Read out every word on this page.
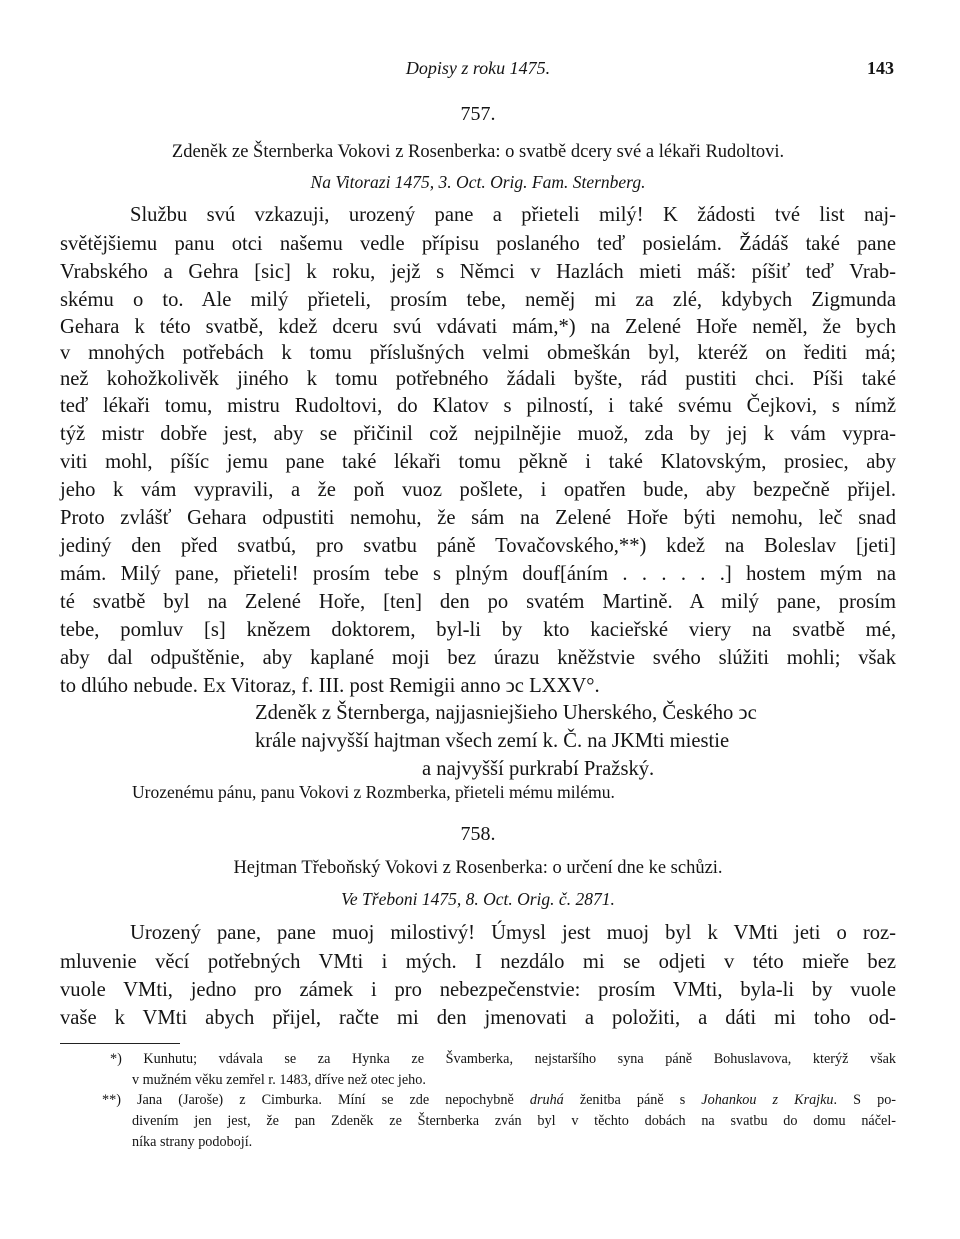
Dopisy z roku 1475.	143
757.
Zdeněk ze Šternberka Vokovi z Rosenberka: o svatbě dcery své a lékaři Rudoltovi.
Na Vitorazi 1475, 3. Oct. Orig. Fam. Sternberg.
Službu svú vzkazuji, urozený pane a přieteli milý! K žádosti tvé list naj-
světějšiemu panu otci našemu vedle přípisu poslaného teď posielám. Žádáš také pane
Vrabského a Gehra [sic] k roku, jejž s Němci v Hazlách mieti máš: píšiť teď Vrab-
skému o to. Ale milý přieteli, prosím tebe, neměj mi za zlé, kdybych Zigmunda
Gehara k této svatbě, kdež dceru svú vdávati mám,*) na Zelené Hoře neměl, že bych
v mnohých potřebách k tomu příslušných velmi obmeškán byl, kteréž on řediti má;
než kohožkolivěk jiného k tomu potřebného žádali byšte, rád pustiti chci. Píši také
teď lékaři tomu, mistru Rudoltovi, do Klatov s pilností, i také svému Čejkovi, s nímž
týž mistr dobře jest, aby se přičinil což nejpilnějie muož, zda by jej k vám vypra-
viti mohl, píšíc jemu pane také lékaři tomu pěkně i také Klatovským, prosiec, aby
jeho k vám vypravili, a že poň vuoz pošlete, i opatřen bude, aby bezpečně přijel.
Proto zvlášť Gehara odpustiti nemohu, že sám na Zelené Hoře býti nemohu, leč snad
jediný den před svatbú, pro svatbu páně Tovačovského,**) kdež na Boleslav [jeti]
mám. Milý pane, přieteli! prosím tebe s plným douf[áním . . . . . .] hostem mým na
té svatbě byl na Zelené Hoře, [ten] den po svatém Martině. A milý pane, prosím
tebe, pomluv [s] knězem doktorem, byl-li by kto kacieřské viery na svatbě mé,
aby dal odpuštěnie, aby kaplané moji bez úrazu kněžstvie svého slúžiti mohli; však
to dlúho nebude. Ex Vitoraz, f. III. post Remigii anno ↄc LXXV°.
Zdeněk z Šternberga, najjasniejšieho Uherského, Českého ↄc
krále najvyšší hajtman všech zemí k. Č. na JKMti miestie
a najvyšší purkrabí Pražský.
Urozenému pánu, panu Vokovi z Rozmberka, přieteli mému milému.
758.
Hejtman Třeboňský Vokovi z Rosenberka: o určení dne ke schůzi.
Ve Třeboni 1475, 8. Oct. Orig. č. 2871.
Urozený pane, pane muoj milostivý! Úmysl jest muoj byl k VMti jeti o roz-
mluvenie věcí potřebných VMti i mých. I nezdálo mi se odjeti v této mieře bez
vuole VMti, jedno pro zámek i pro nebezpečenstvie: prosím VMti, byla-li by vuole
vaše k VMti abych přijel, račte mi den jmenovati a položiti, a dáti mi toho od-
*) Kunhutu; vdávala se za Hynka ze Švamberka, nejstaršího syna páně Bohuslavova, kterýž však
v mužném věku zemřel r. 1483, dříve než otec jeho.
**) Jana (Jaroše) z Cimburka. Míní se zde nepochybně druhá ženitba páně s Johankou z Krajku. S po-
divením jen jest, že pan Zdeněk ze Šternberka zván byl v těchto dobách na svatbu do domu náčel-
níka strany podobojí.
